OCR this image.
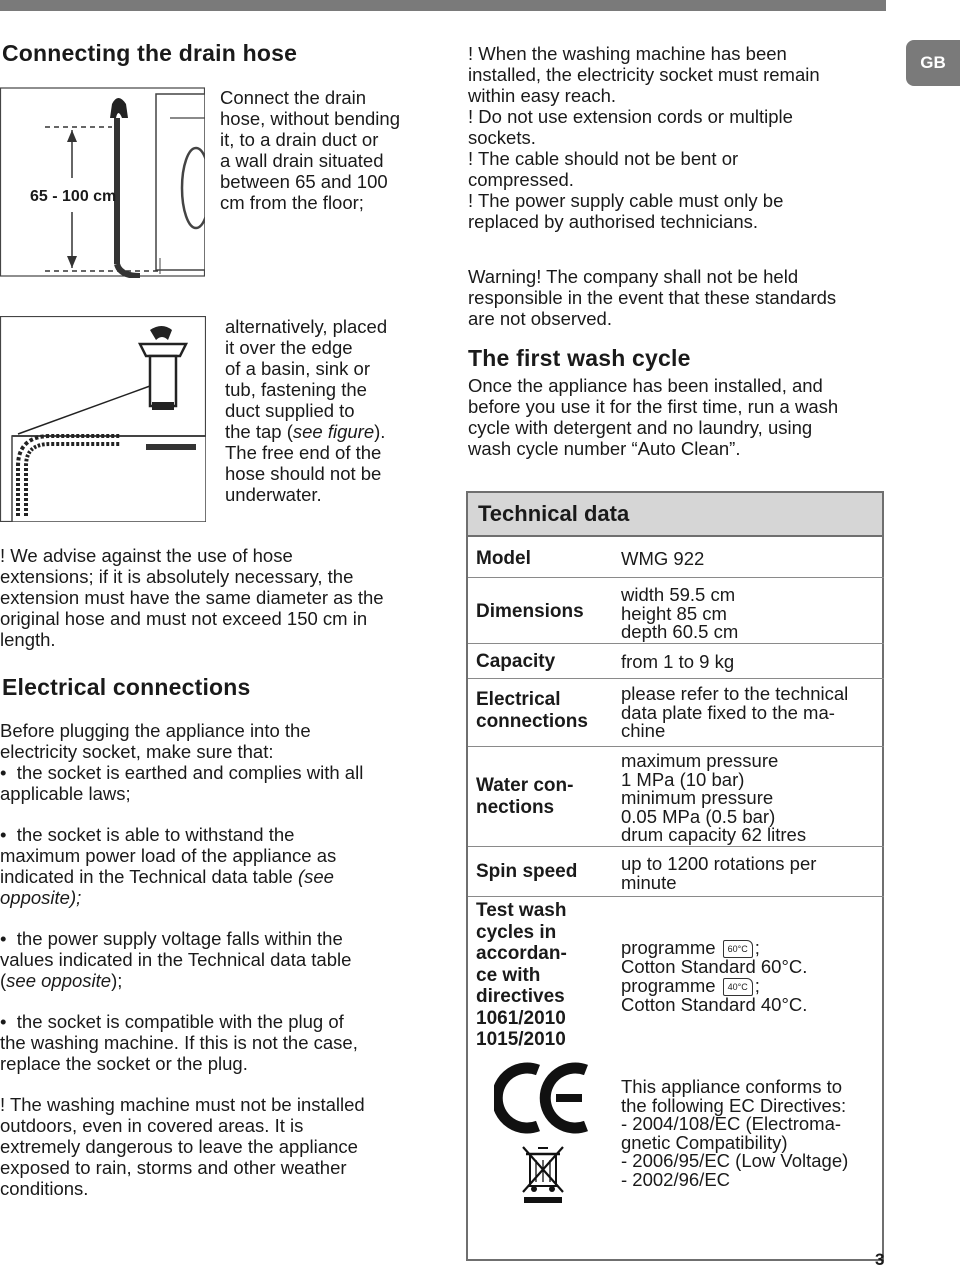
GB
Connecting the drain hose
65 - 100 cm
Connect the drain
hose, without bending
it, to a drain duct or
a wall drain situated
between 65 and 100
cm from the floor;
alternatively, placed
it over the edge
of a basin, sink or
tub, fastening the
duct supplied to
the tap (see figure).
The free end of the
hose should not be
underwater.
! We advise against the use of hose
extensions; if it is absolutely necessary, the
extension must have the same diameter as the
original hose and must not exceed 150 cm in
length.
Electrical connections
Before plugging the appliance into the
electricity socket, make sure that:
• the socket is earthed and complies with all
applicable laws;
• the socket is able to withstand the
maximum power load of the appliance as
indicated in the Technical data table (see
opposite);
• the power supply voltage falls within the
values indicated in the Technical data table
(see opposite);
• the socket is compatible with the plug of
the washing machine. If this is not the case,
replace the socket or the plug.
! The washing machine must not be installed
outdoors, even in covered areas. It is
extremely dangerous to leave the appliance
exposed to rain, storms and other weather
conditions.
! When the washing machine has been
installed, the electricity socket must remain
within easy reach.
! Do not use extension cords or multiple
sockets.
! The cable should not be bent or
compressed.
! The power supply cable must only be
replaced by authorised technicians.
Warning! The company shall not be held
responsible in the event that these standards
are not observed.
The first wash cycle
Once the appliance has been installed, and
before you use it for the first time, run a wash
cycle with detergent and no laundry, using
wash cycle number “Auto Clean”.
Technical data
Model	WMG 922
Dimensions
width 59.5 cm
height 85 cm
depth 60.5 cm
Capacity	from 1 to 9 kg
Electrical
connections
please refer to the technical
data plate fixed to the ma-
chine
Water con-
nections
maximum pressure
1 MPa (10 bar)
minimum pressure
0.05 MPa (0.5 bar)
drum capacity 62 litres
Spin speed up to 1200 rotations per
minute
Test wash
cycles in
accordan-
ce with
directives
1061/2010
1015/2010
programme 60°C ;
Cotton Standard 60°C.
programme 40°C ;
Cotton Standard 40°C.
This appliance conforms to
the following EC Directives:
- 2004/108/EC (Electroma-
gnetic Compatibility)
- 2006/95/EC (Low Voltage)
- 2002/96/EC
3
